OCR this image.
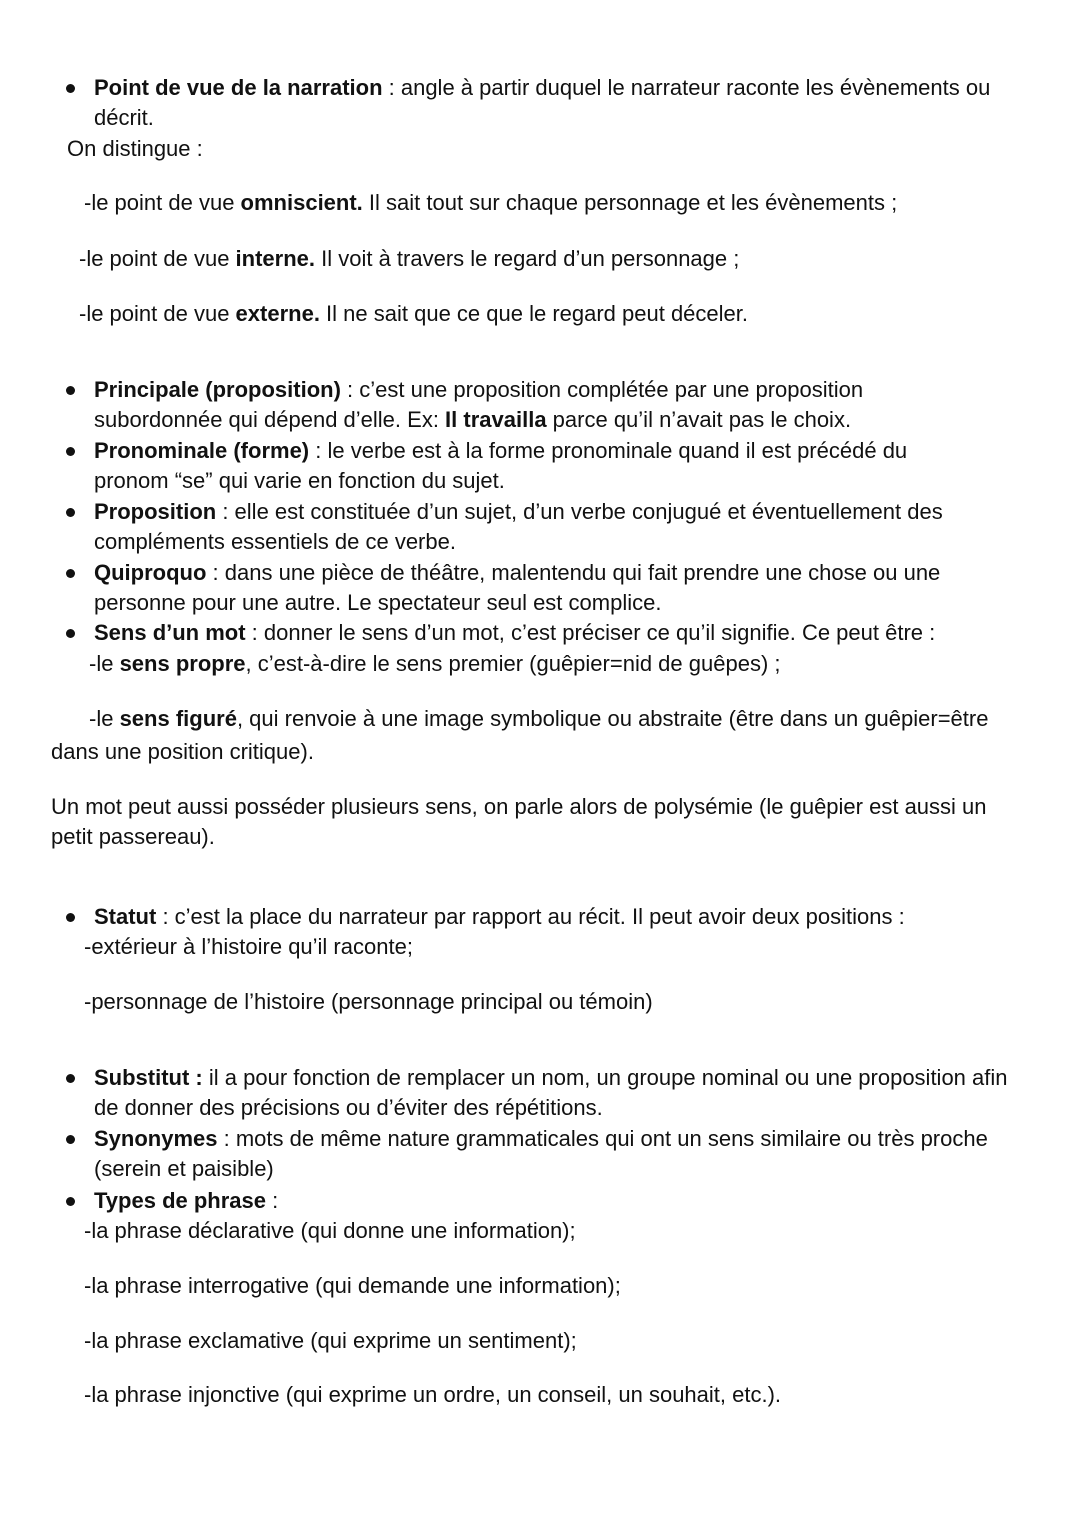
Point de vue de la narration : angle à partir duquel le narrateur raconte les évènements ou décrit.

On distingue :
-le point de vue omniscient. Il sait tout sur chaque personnage et les évènements ;
-le point de vue interne. Il voit à travers le regard d’un personnage ;
-le point de vue externe. Il ne sait que ce que le regard peut déceler.

Principale (proposition) : c’est une proposition complétée par une proposition subordonnée qui dépend d’elle. Ex: Il travailla parce qu’il n’avait pas le choix.

Pronominale (forme) : le verbe est à la forme pronominale quand il est précédé du pronom “se” qui varie en fonction du sujet.

Proposition : elle est constituée d’un sujet, d’un verbe conjugué et éventuellement des compléments essentiels de ce verbe.

Quiproquo : dans une pièce de théâtre, malentendu qui fait prendre une chose ou une personne pour une autre. Le spectateur seul est complice.

Sens d’un mot : donner le sens d’un mot, c’est préciser ce qu’il signifie. Ce peut être :

-le sens propre, c’est-à-dire le sens premier (guêpier=nid de guêpes) ;
-le sens figuré, qui renvoie à une image symbolique ou abstraite (être dans un guêpier=être
dans une position critique).

Un mot peut aussi posséder plusieurs sens, on parle alors de polysémie (le guêpier est aussi un petit passereau).

Statut : c’est la place du narrateur par rapport au récit. Il peut avoir deux positions :

-extérieur à l’histoire qu’il raconte;
-personnage de l’histoire (personnage principal ou témoin)

Substitut : il a pour fonction de remplacer un nom, un groupe nominal ou une proposition afin de donner des précisions ou d’éviter des répétitions.

Synonymes : mots de même nature grammaticales qui ont un sens similaire ou très proche (serein et paisible)

Types de phrase :

-la phrase déclarative (qui donne une information);
-la phrase interrogative (qui demande une information);
-la phrase exclamative (qui exprime un sentiment);
-la phrase injonctive (qui exprime un ordre, un conseil, un souhait, etc.).
